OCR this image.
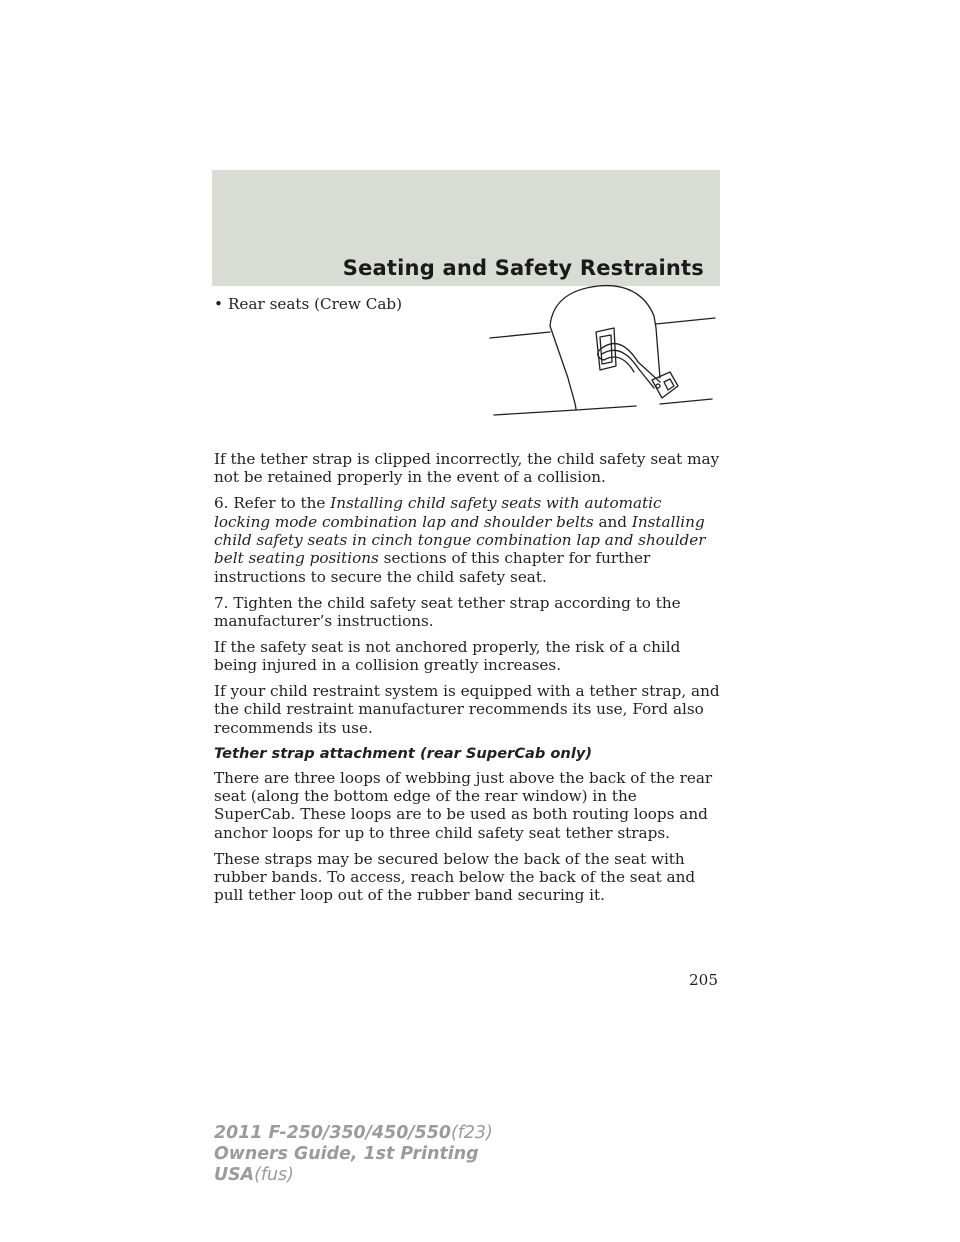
Seating and Safety Restraints
• Rear seats (Crew Cab)

If the tether strap is clipped incorrectly, the child safety seat may not be retained properly in the event of a collision.

6. Refer to the Installing child safety seats with automatic locking mode combination lap and shoulder belts and Installing child safety seats in cinch tongue combination lap and shoulder belt seating positions sections of this chapter for further instructions to secure the child safety seat.

7. Tighten the child safety seat tether strap according to the manufacturer’s instructions.

If the safety seat is not anchored properly, the risk of a child being injured in a collision greatly increases.

If your child restraint system is equipped with a tether strap, and the child restraint manufacturer recommends its use, Ford also recommends its use.

Tether strap attachment (rear SuperCab only)

There are three loops of webbing just above the back of the rear seat (along the bottom edge of the rear window) in the SuperCab. These loops are to be used as both routing loops and anchor loops for up to three child safety seat tether straps.

These straps may be secured below the back of the seat with rubber bands. To access, reach below the back of the seat and pull tether loop out of the rubber band securing it.

205
2011 F-250/350/450/550(f23)
Owners Guide, 1st Printing
USA(fus)
